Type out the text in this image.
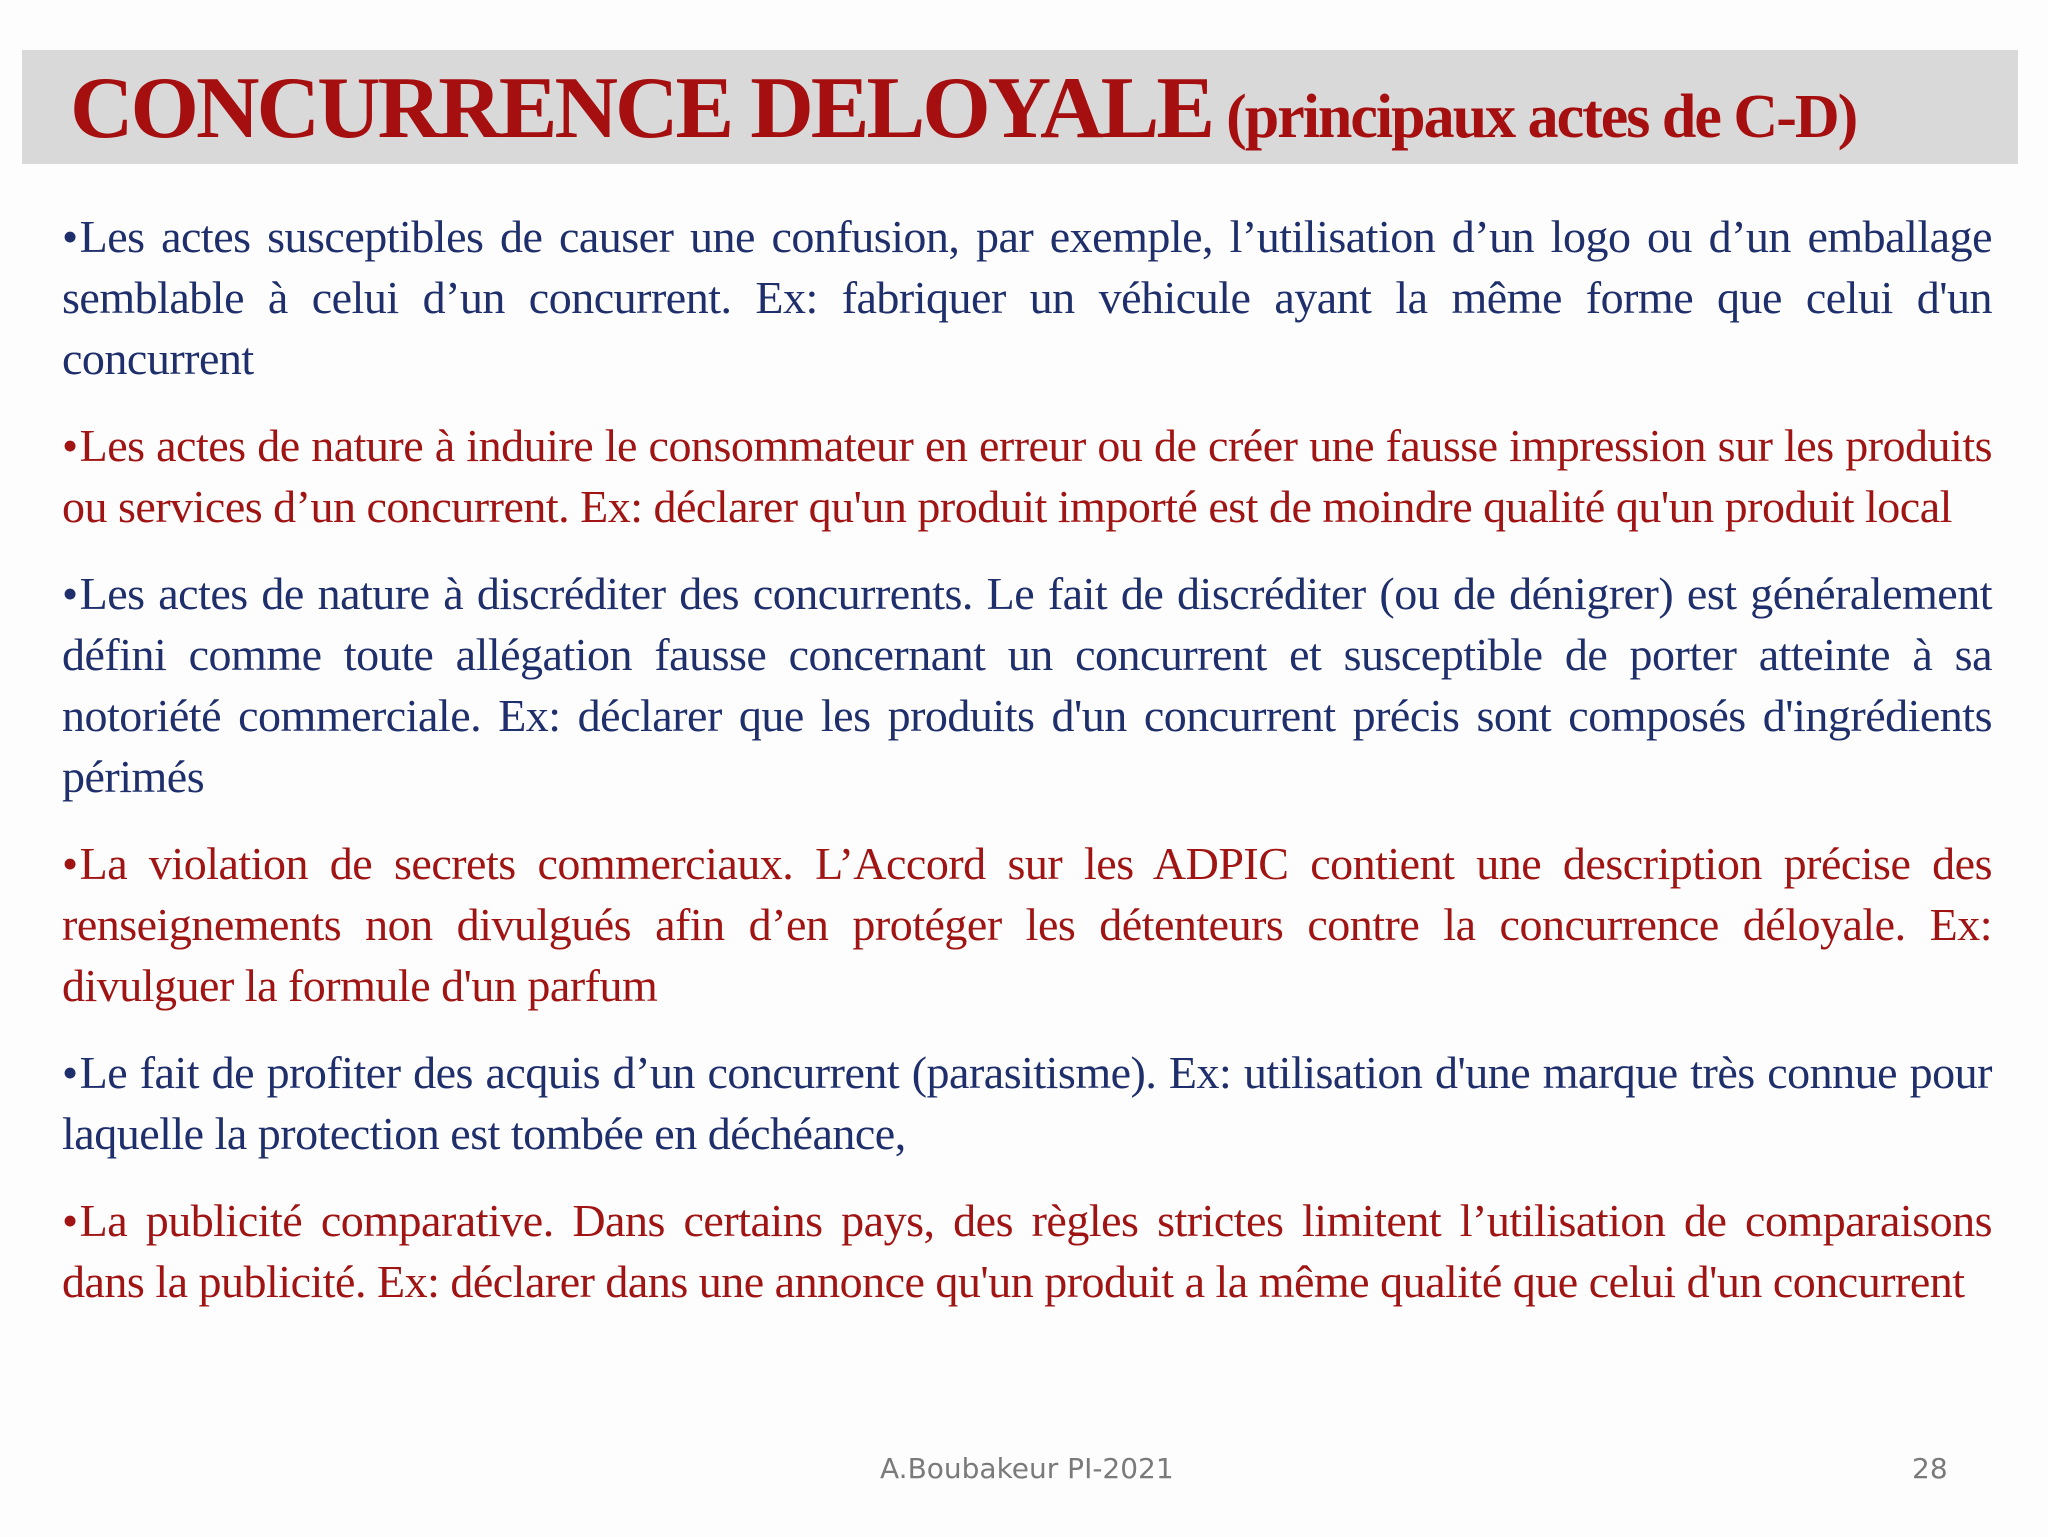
CONCURRENCE DELOYALE (principaux actes de C-D)

•Les actes susceptibles de causer une confusion, par exemple, l’utilisation d’un logo ou d’un emballage semblable à celui d’un concurrent. Ex: fabriquer un véhicule ayant la même forme que celui d'un concurrent

•Les actes de nature à induire le consommateur en erreur ou de créer une fausse impression sur les produits ou services d’un concurrent. Ex: déclarer qu'un produit importé est de moindre qualité qu'un produit local

•Les actes de nature à discréditer des concurrents. Le fait de discréditer (ou de dénigrer) est généralement défini comme toute allégation fausse concernant un concurrent et susceptible de porter atteinte à sa notoriété commerciale. Ex: déclarer que les produits d'un concurrent précis sont composés d'ingrédients périmés

•La violation de secrets commerciaux. L’Accord sur les ADPIC contient une description précise des renseignements non divulgués afin d’en protéger les détenteurs contre la concurrence déloyale. Ex: divulguer la formule d'un parfum

•Le fait de profiter des acquis d’un concurrent (parasitisme). Ex: utilisation d'une marque très connue pour laquelle la protection est tombée en déchéance,

•La publicité comparative. Dans certains pays, des règles strictes limitent l’utilisation de comparaisons dans la publicité. Ex: déclarer dans une annonce qu'un produit a la même qualité que celui d'un concurrent

A.Boubakeur PI-2021	28
